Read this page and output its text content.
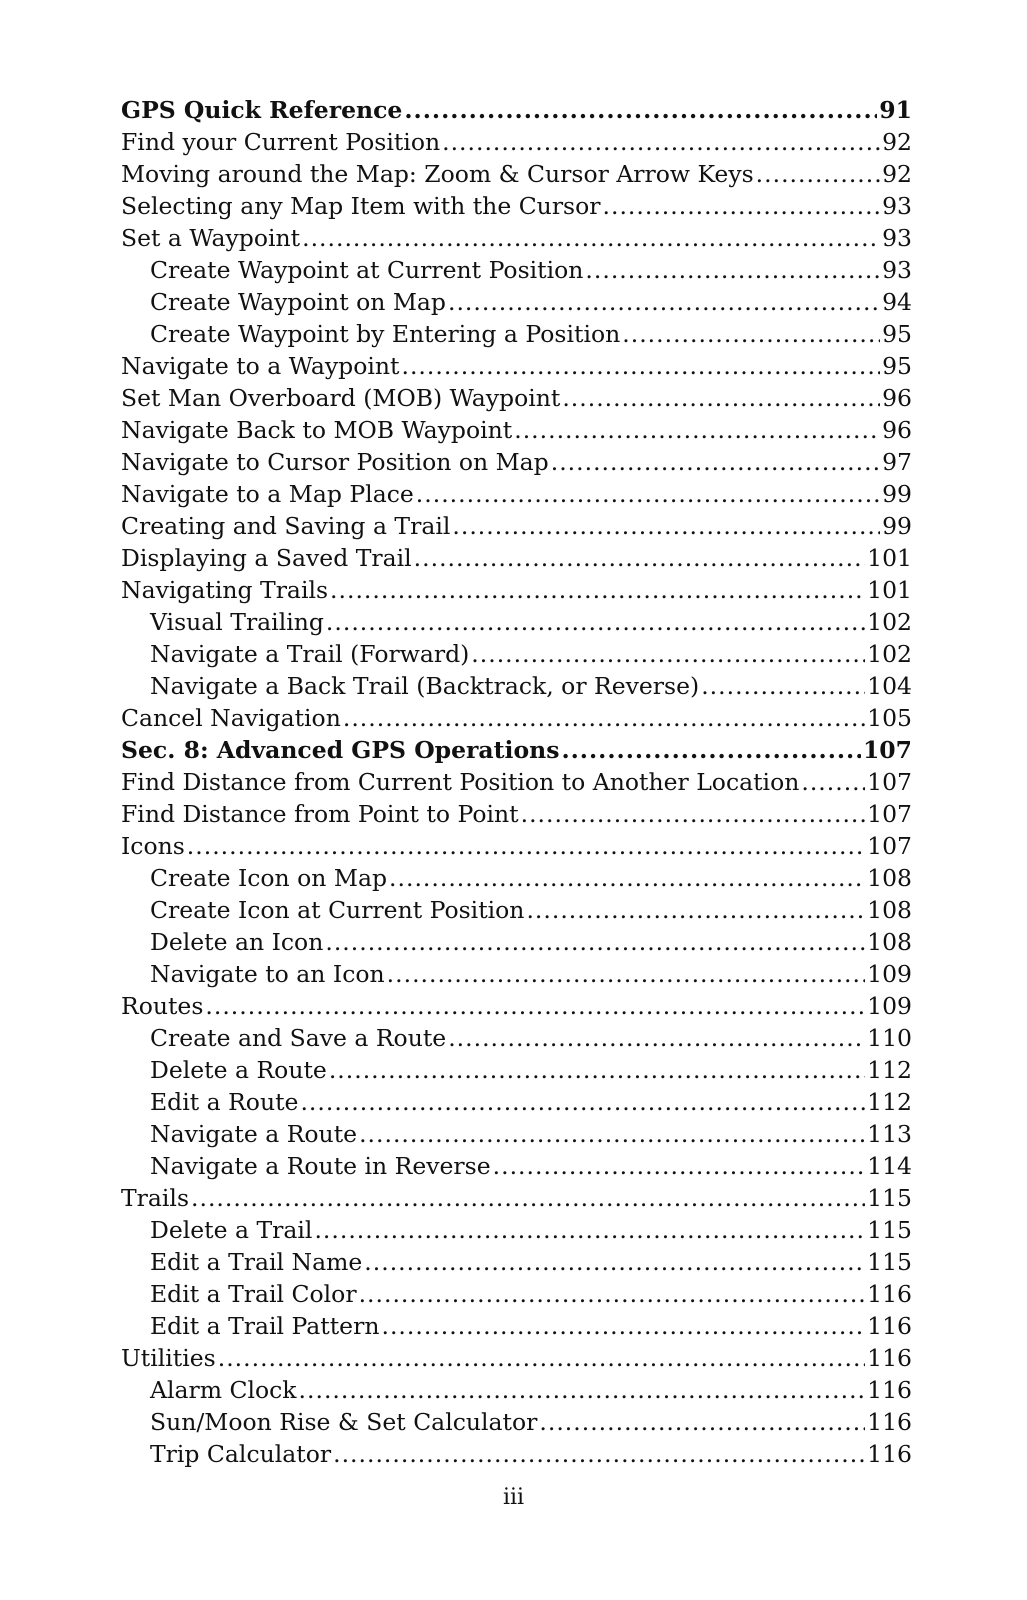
GPS Quick Reference .....	91
Find your Current Position .....	92
Moving around the Map: Zoom & Cursor Arrow Keys .....	92
Selecting any Map Item with the Cursor .....	93
Set a Waypoint .....	93
Create Waypoint at Current Position .....	93
Create Waypoint on Map .....	94
Create Waypoint by Entering a Position .....	95
Navigate to a Waypoint .....	95
Set Man Overboard (MOB) Waypoint .....	96
Navigate Back to MOB Waypoint .....	96
Navigate to Cursor Position on Map .....	97
Navigate to a Map Place .....	99
Creating and Saving a Trail .....	99
Displaying a Saved Trail .....	101
Navigating Trails .....	101
Visual Trailing .....	102
Navigate a Trail (Forward) .....	102
Navigate a Back Trail (Backtrack, or Reverse) .....	104
Cancel Navigation .....	105
Sec. 8: Advanced GPS Operations .....	107
Find Distance from Current Position to Another Location .....	107
Find Distance from Point to Point .....	107
Icons .....	107
Create Icon on Map .....	108
Create Icon at Current Position .....	108
Delete an Icon .....	108
Navigate to an Icon .....	109
Routes .....	109
Create and Save a Route .....	110
Delete a Route .....	112
Edit a Route .....	112
Navigate a Route .....	113
Navigate a Route in Reverse .....	114
Trails .....	115
Delete a Trail .....	115
Edit a Trail Name .....	115
Edit a Trail Color .....	116
Edit a Trail Pattern .....	116
Utilities .....	116
Alarm Clock .....	116
Sun/Moon Rise & Set Calculator .....	116
Trip Calculator .....	116
iii
